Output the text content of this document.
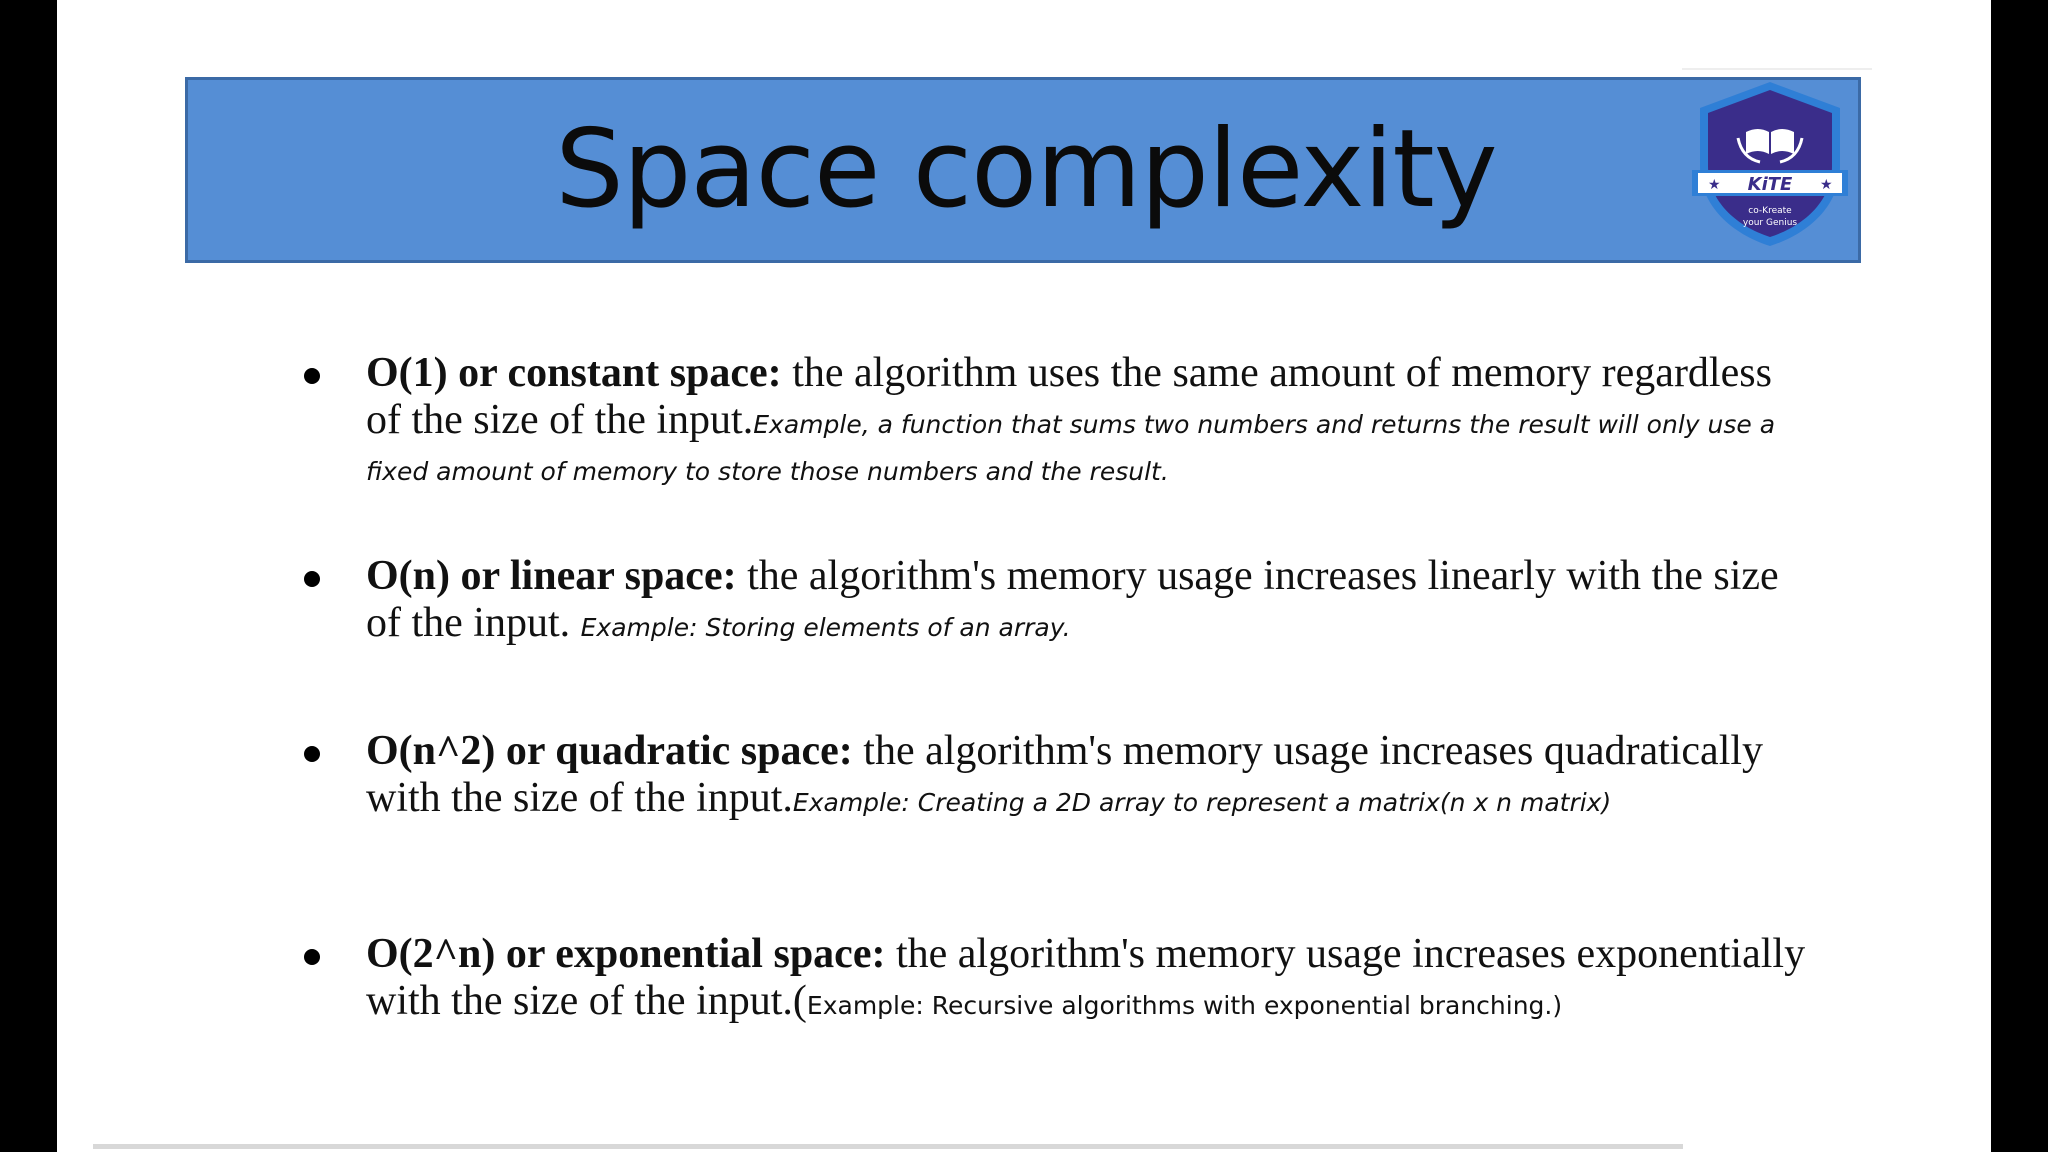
Space complexity	★	★
KiTE
co-Kreate
your Genius
O(1) or constant space: the algorithm uses the same amount of memory regardless of the size of the input.Example, a function that sums two numbers and returns the result will only use a fixed amount of memory to store those numbers and the result.
O(n) or linear space: the algorithm's memory usage increases linearly with the size of the input. Example: Storing elements of an array.
O(n^2) or quadratic space: the algorithm's memory usage increases quadratically with the size of the input.Example: Creating a 2D array to represent a matrix(n x n matrix)
O(2^n) or exponential space: the algorithm's memory usage increases exponentially with the size of the input.(Example: Recursive algorithms with exponential branching.)
